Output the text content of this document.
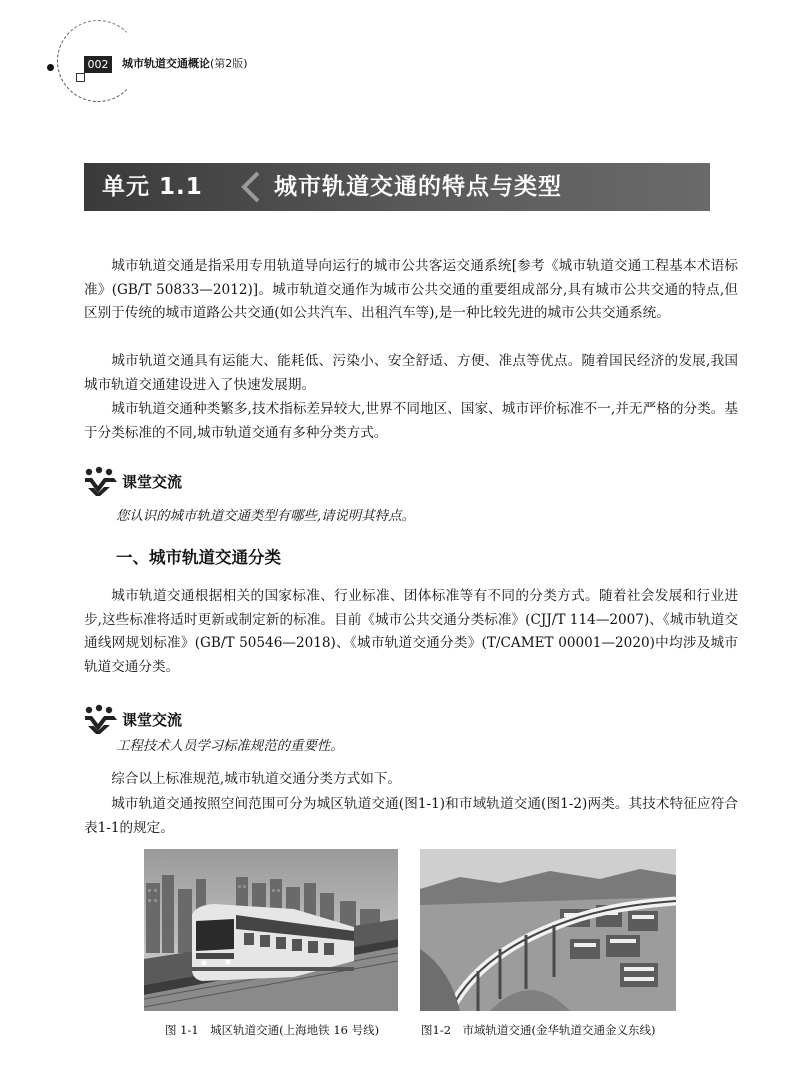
002	城市轨道交通概论(第2版)
单元 1.1	城市轨道交通的特点与类型

城市轨道交通是指采用专用轨道导向运行的城市公共客运交通系统[参考《城市轨道交通工程基本术语标准》(GB/T 50833—2012)]。城市轨道交通作为城市公共交通的重要组成部分,具有城市公共交通的特点,但区别于传统的城市道路公共交通(如公共汽车、出租汽车等),是一种比较先进的城市公共交通系统。

城市轨道交通具有运能大、能耗低、污染小、安全舒适、方便、准点等优点。随着国民经济的发展,我国城市轨道交通建设进入了快速发展期。

城市轨道交通种类繁多,技术指标差异较大,世界不同地区、国家、城市评价标准不一,并无严格的分类。基于分类标准的不同,城市轨道交通有多种分类方式。

课堂交流
您认识的城市轨道交通类型有哪些,请说明其特点。
一、城市轨道交通分类

城市轨道交通根据相关的国家标准、行业标准、团体标准等有不同的分类方式。随着社会发展和行业进步,这些标准将适时更新或制定新的标准。目前《城市公共交通分类标准》(CJJ/T 114—2007)、《城市轨道交通线网规划标准》(GB/T 50546—2018)、《城市轨道交通分类》(T/CAMET 00001—2020)中均涉及城市轨道交通分类。

课堂交流
工程技术人员学习标准规范的重要性。

综合以上标准规范,城市轨道交通分类方式如下。

城市轨道交通按照空间范围可分为城区轨道交通(图1-1)和市域轨道交通(图1-2)两类。其技术特征应符合表1-1的规定。

· · · · ·
图 1-1　城区轨道交通(上海地铁 16 号线)	图1-2　市域轨道交通(金华轨道交通金义东线)
